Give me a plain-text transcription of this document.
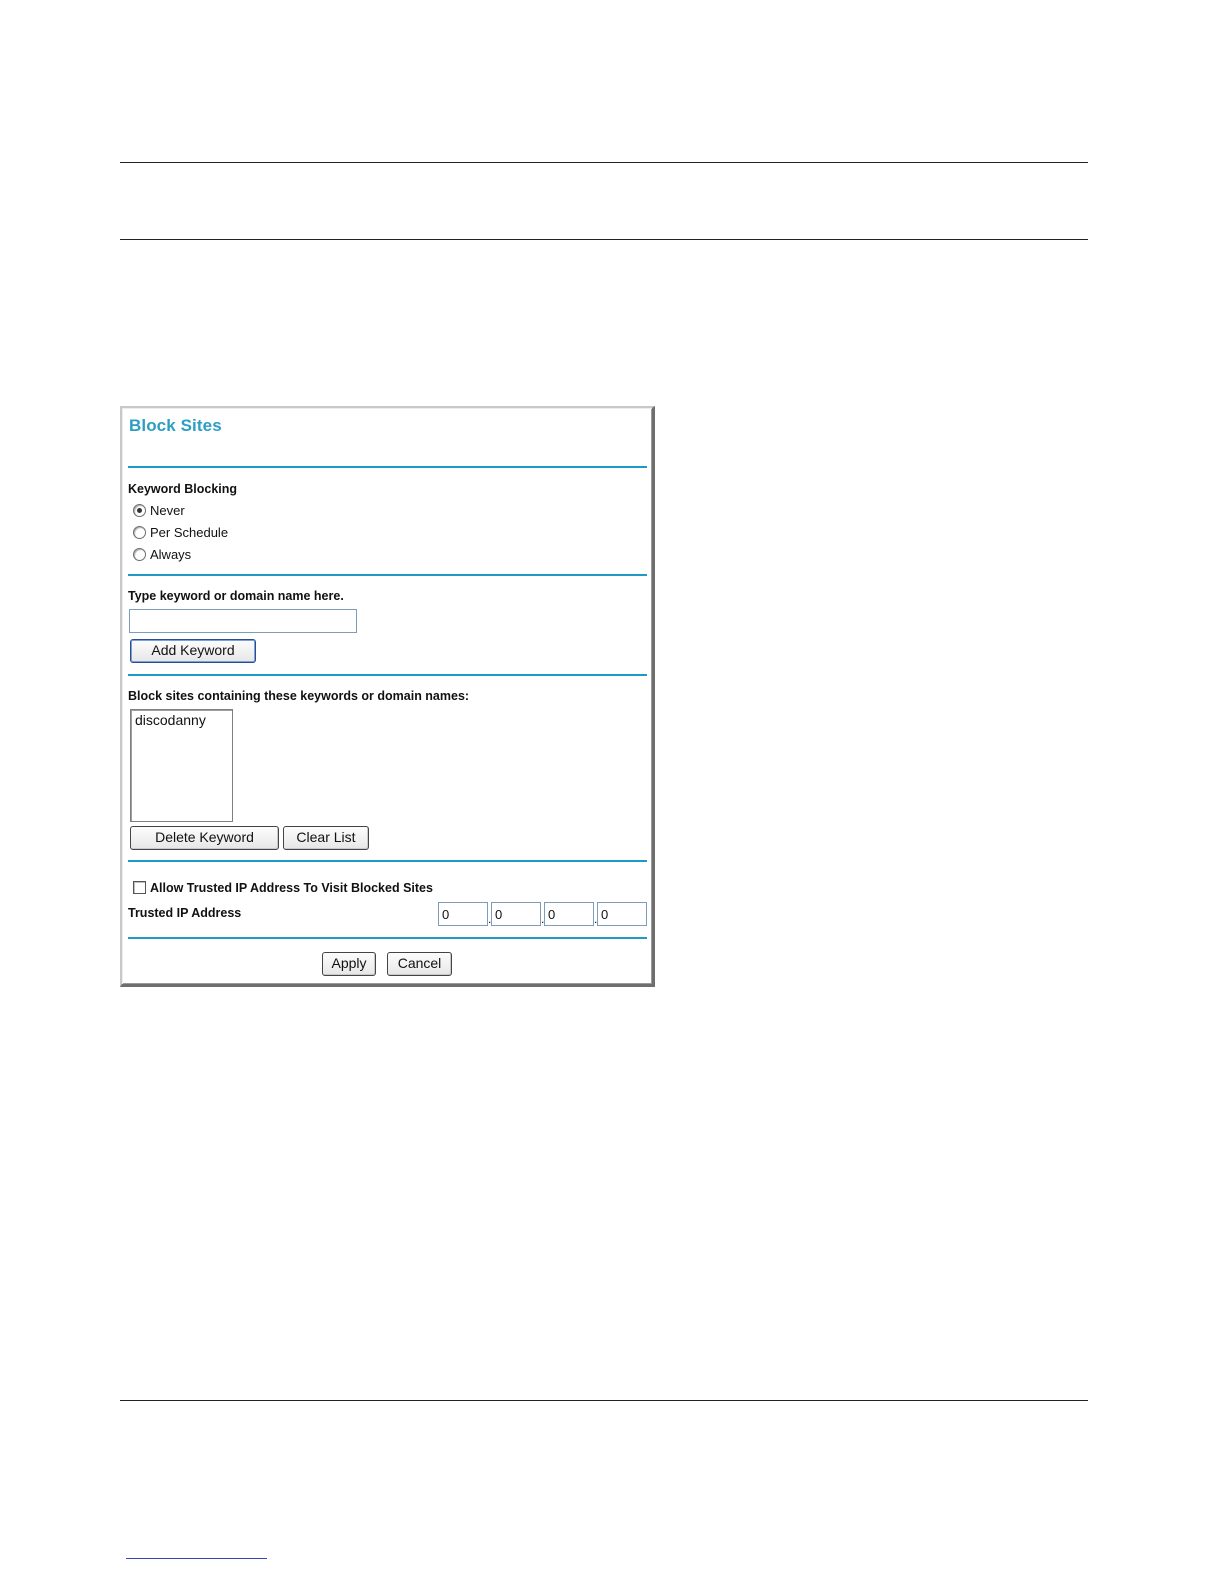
Block Sites
Keyword Blocking
Never
Per Schedule
Always
Type keyword or domain name here.
Add Keyword
Block sites containing these keywords or domain names:
discodanny
Delete Keyword	Clear List
Allow Trusted IP Address To Visit Blocked Sites
Trusted IP Address
0	.
0	.
0	.
0
Apply	Cancel
